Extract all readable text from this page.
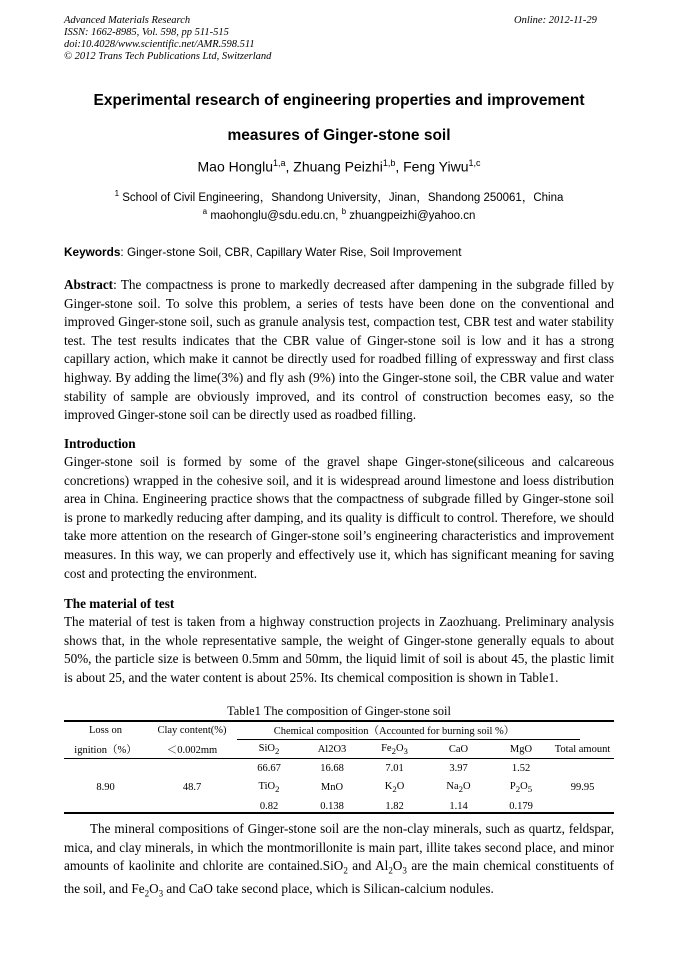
Advanced Materials Research	Online: 2012-11-29
ISSN: 1662-8985, Vol. 598, pp 511-515
doi:10.4028/www.scientific.net/AMR.598.511
© 2012 Trans Tech Publications Ltd, Switzerland
Experimental research of engineering properties and improvement
measures of Ginger-stone soil
Mao Honglu$^{1,a}$, Zhuang Peizhi$^{1,b}$, Feng Yiwu$^{1,c}$
$^1$ School of Civil Engineering，Shandong University，Jinan，Shandong 250061，China
$^a$ maohonglu@sdu.edu.cn, $^b$ zhuangpeizhi@yahoo.cn
Keywords: Ginger-stone Soil, CBR, Capillary Water Rise, Soil Improvement
Abstract: The compactness is prone to markedly decreased after dampening in the subgrade filled by Ginger-stone soil. To solve this problem, a series of tests have been done on the conventional and improved Ginger-stone soil, such as granule analysis test, compaction test, CBR test and water stability test. The test results indicates that the CBR value of Ginger-stone soil is low and it has a strong capillary action, which make it cannot be directly used for roadbed filling of expressway and first class highway. By adding the lime(3%) and fly ash (9%) into the Ginger-stone soil, the CBR value and water stability of sample are obviously improved, and its control of construction becomes easy, so the improved Ginger-stone soil can be directly used as roadbed filling.
Introduction
Ginger-stone soil is formed by some of the gravel shape Ginger-stone(siliceous and calcareous concretions) wrapped in the cohesive soil, and it is widespread around limestone and loess distribution area in China. Engineering practice shows that the compactness of subgrade filled by Ginger-stone soil is prone to markedly reducing after damping, and its quality is difficult to control. Therefore, we should take more attention on the research of Ginger-stone soil’s engineering characteristics and improvement measures. In this way, we can properly and effectively use it, which has significant meaning for saving cost and protecting the environment.
The material of test
The material of test is taken from a highway construction projects in Zaozhuang. Preliminary analysis shows that, in the whole representative sample, the weight of Ginger-stone generally equals to about 50%, the particle size is between 0.5mm and 50mm, the liquid limit of soil is about 45, the plastic limit is about 25, and the water content is about 25%. Its chemical composition is shown in Table1.
Table1 The composition of Ginger-stone soil
Loss on	Clay content(%)	Chemical composition（Accounted for burning soil %）					
ignition（%）	＜0.002mm	SiO$_2$	Al2O3	$Fe_2O_3$	CaO	MgO	Total amount
8.90	48.7	66.67	16.68	7.01	3.97	1.52	99.95
		TiO$_2$	MnO	$K_2O$	$Na_2O$	$P_2O_5$
		0.82	0.138	1.82	1.14	0.179	
The mineral compositions of Ginger-stone soil are the non-clay minerals, such as quartz, feldspar, mica, and clay minerals, in which the montmorillonite is main part, illite takes second place, and minor amounts of kaolinite and chlorite are contained.SiO$_2$ and $Al_2O_3$ are the main chemical constituents of the soil, and $Fe_2O_3$ and CaO take second place, which is Silican-calcium nodules.
